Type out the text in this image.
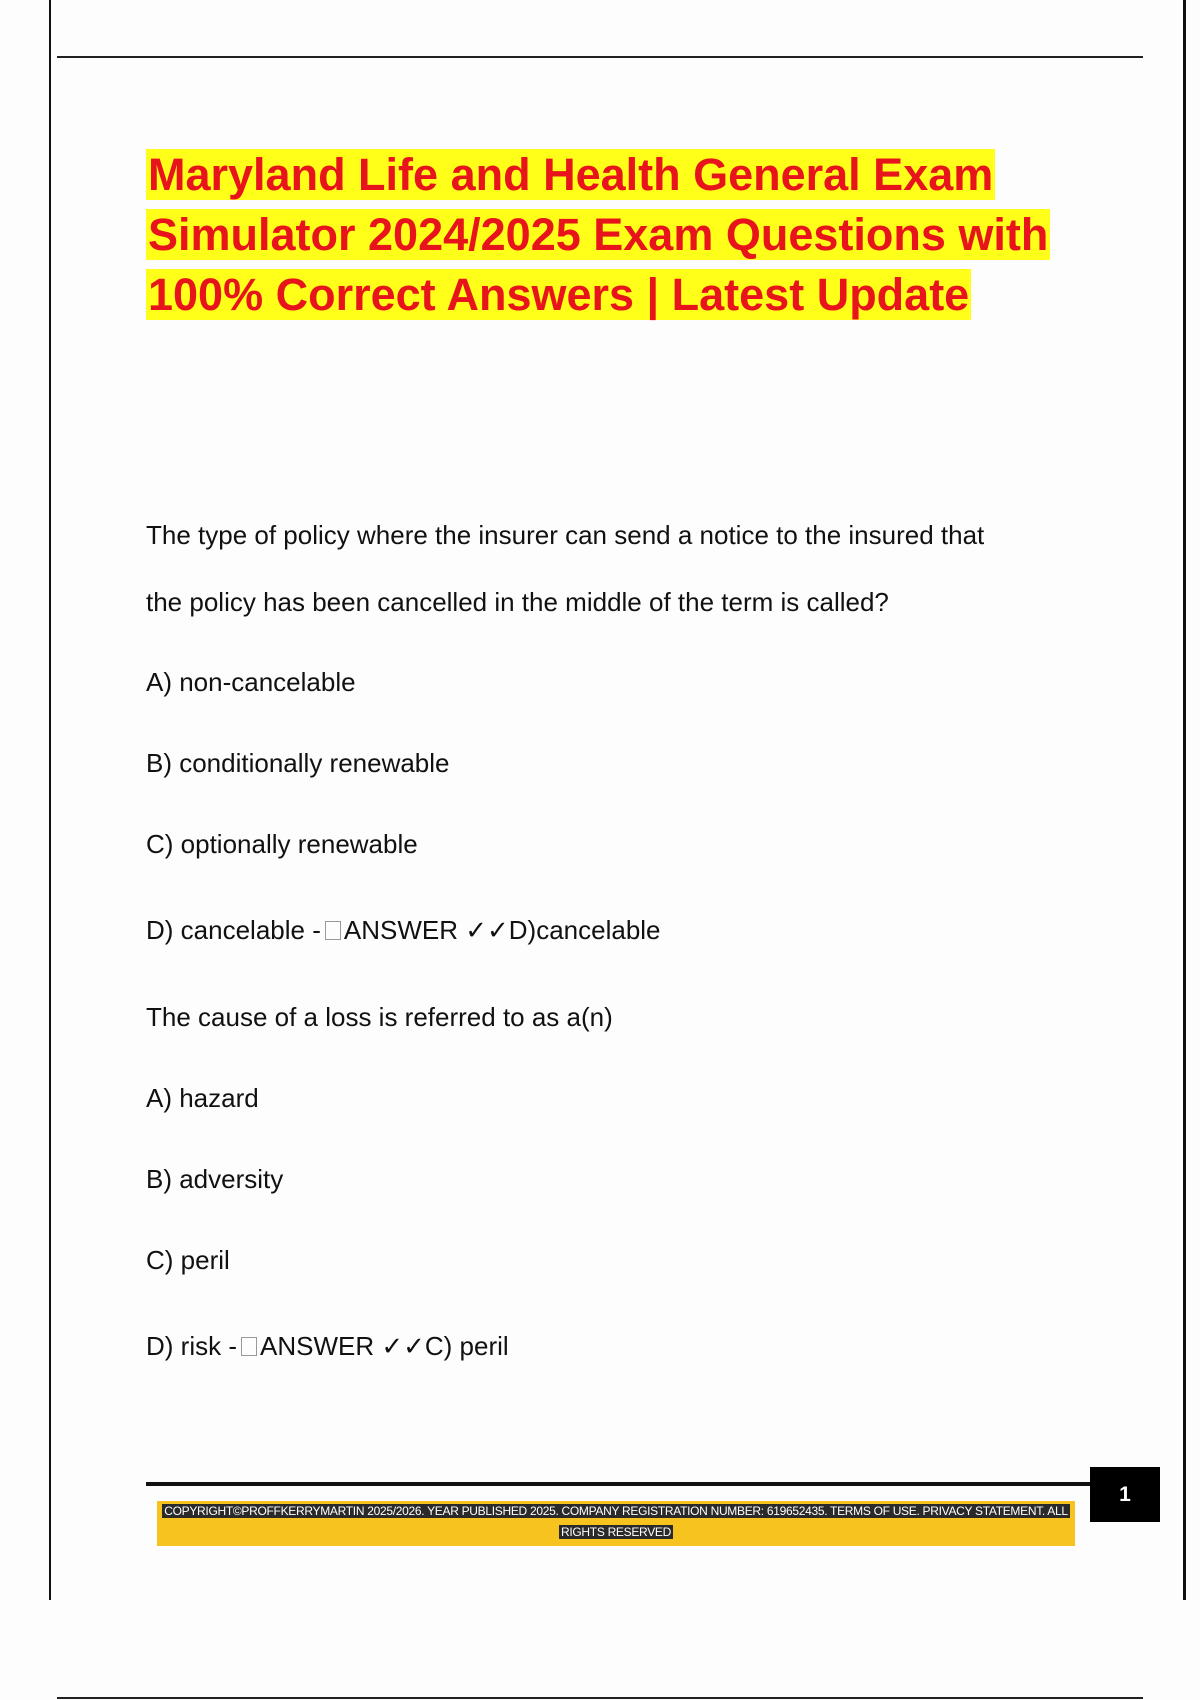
Maryland Life and Health General Exam Simulator 2024/2025 Exam Questions with 100% Correct Answers | Latest Update

The type of policy where the insurer can send a notice to the insured that

the policy has been cancelled in the middle of the term is called?

A) non-cancelable

B) conditionally renewable

C) optionally renewable

D) cancelable - ANSWER ✓✓D)cancelable

The cause of a loss is referred to as a(n)

A) hazard

B) adversity

C) peril

D) risk - ANSWER ✓✓C) peril

1
COPYRIGHT©PROFFKERRYMARTIN 2025/2026. YEAR PUBLISHED 2025. COMPANY REGISTRATION NUMBER: 619652435. TERMS OF USE. PRIVACY STATEMENT. ALL RIGHTS RESERVED
